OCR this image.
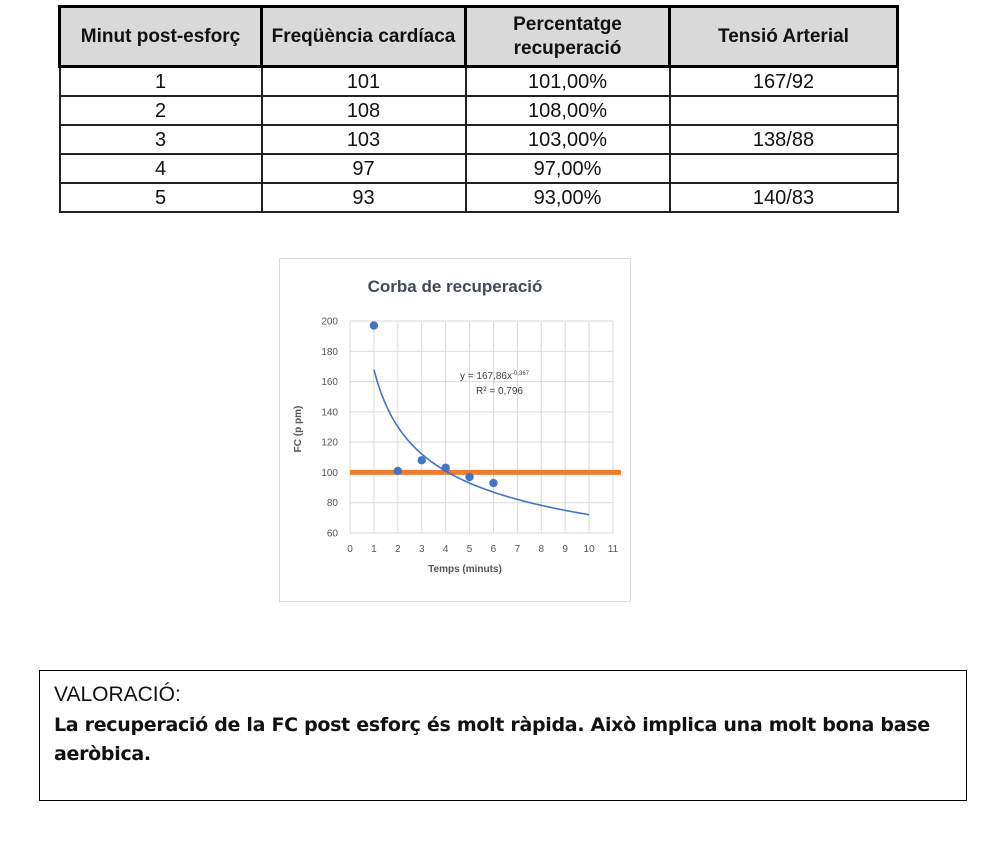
Minut post-esforç	Freqüència cardíaca	Percentatge recuperació	Tensió Arterial
1	101	101,00%	167/92
2	108	108,00%	
3	103	103,00%	138/88
4	97	97,00%	
5	93	93,00%	140/83
Corba de recuperació
60
80
100
120
140
160
180
200
0 1 2 3 4 5 6 7 8 9 10 11
$y = 167,86x^{-0,367}$
R² = 0,796
Temps (minuts)
FC (p pm)
VALORACIÓ:
La recuperació de la FC post esforç és molt ràpida. Això implica una molt bona base aeròbica.
